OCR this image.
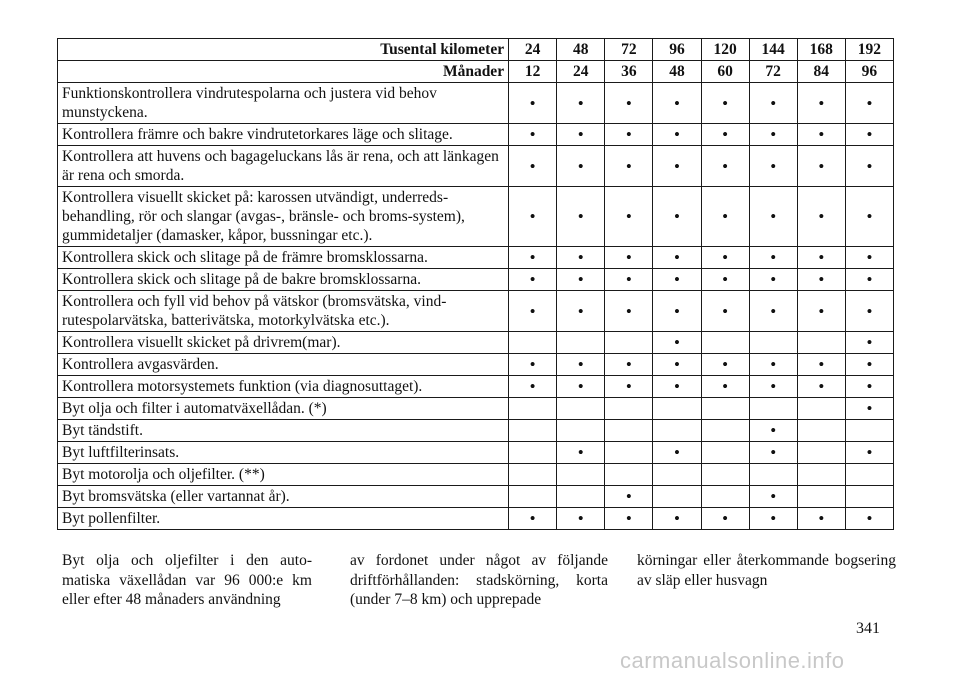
Tusental kilometer	24	48	72	96	120	144	168	192
Månader	12	24	36	48	60	72	84	96
Funktionskontrollera vindrutespolarna och justera vid behov munstyckena.	•	•	•	•	•	•	•	•
Kontrollera främre och bakre vindrutetorkares läge och slitage.	•	•	•	•	•	•	•	•
Kontrollera att huvens och bagageluckans lås är rena, och att länkagen är rena och smorda.	•	•	•	•	•	•	•	•
Kontrollera visuellt skicket på: karossen utvändigt, underreds-behandling, rör och slangar (avgas-, bränsle- och broms-system), gummidetaljer (damasker, kåpor, bussningar etc.).	•	•	•	•	•	•	•	•
Kontrollera skick och slitage på de främre bromsklossarna.	•	•	•	•	•	•	•	•
Kontrollera skick och slitage på de bakre bromsklossarna.	•	•	•	•	•	•	•	•
Kontrollera och fyll vid behov på vätskor (bromsvätska, vind-rutespolarvätska, batterivätska, motorkylvätska etc.).	•	•	•	•	•	•	•	•
Kontrollera visuellt skicket på drivrem(mar).				•				•
Kontrollera avgasvärden.	•	•	•	•	•	•	•	•
Kontrollera motorsystemets funktion (via diagnosuttaget).	•	•	•	•	•	•	•	•
Byt olja och filter i automatväxellådan. (*)								•
Byt tändstift.						•		
Byt luftfilterinsats.		•		•		•		•
Byt motorolja och oljefilter. (**)								
Byt bromsvätska (eller vartannat år).			•			•		
Byt pollenfilter.	•	•	•	•	•	•	•	•
Byt olja och oljefilter i den auto-matiska växellådan var 96 000:e km eller efter 48 månaders användning
av fordonet under något av följande driftförhållanden: stadskörning, korta (under 7–8 km) och upprepade
körningar eller återkommande bogsering av släp eller husvagn
341
carmanualsonline.info
